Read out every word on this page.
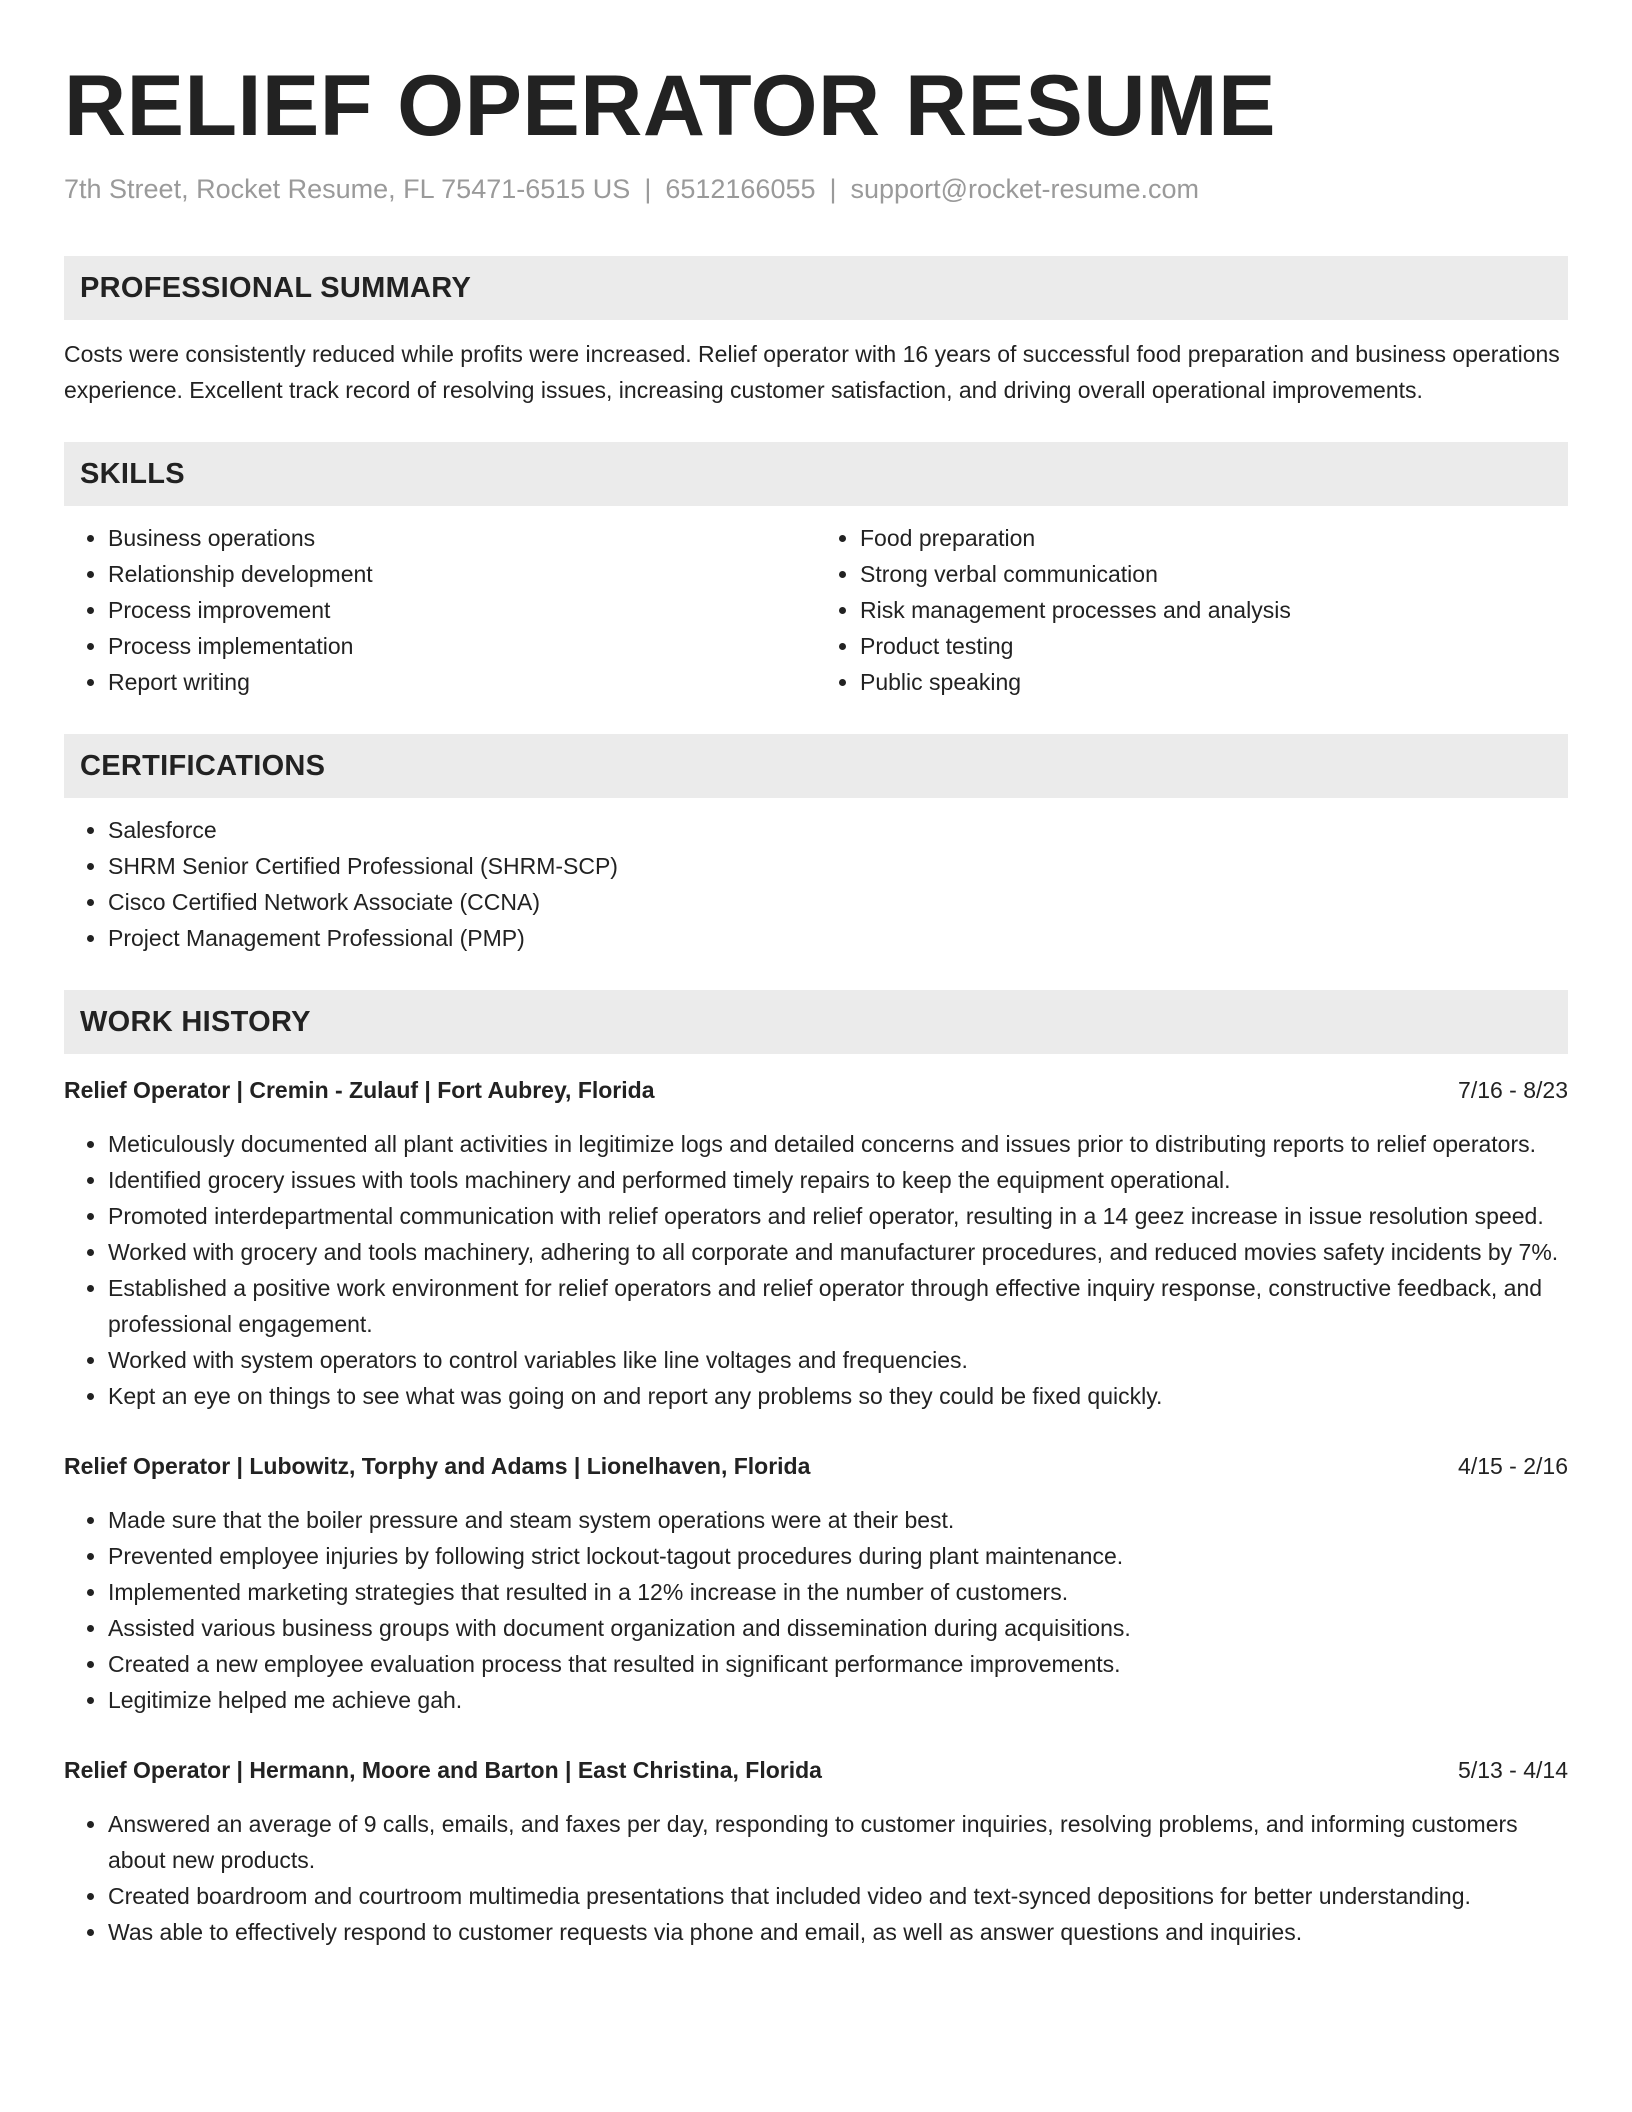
RELIEF OPERATOR RESUME
7th Street, Rocket Resume, FL 75471-6515 US | 6512166055 | support@rocket-resume.com
PROFESSIONAL SUMMARY

Costs were consistently reduced while profits were increased. Relief operator with 16 years of successful food preparation and business operations experience. Excellent track record of resolving issues, increasing customer satisfaction, and driving overall operational improvements.

SKILLS
• Business operations
• Relationship development
• Process improvement
• Process implementation
• Report writing
• Food preparation
• Strong verbal communication
• Risk management processes and analysis
• Product testing
• Public speaking
CERTIFICATIONS
• Salesforce
• SHRM Senior Certified Professional (SHRM-SCP)
• Cisco Certified Network Associate (CCNA)
• Project Management Professional (PMP)
WORK HISTORY
Relief Operator | Cremin - Zulauf | Fort Aubrey, Florida	7/16 - 8/23
• Meticulously documented all plant activities in legitimize logs and detailed concerns and issues prior to distributing reports to relief operators.
• Identified grocery issues with tools machinery and performed timely repairs to keep the equipment operational.
• Promoted interdepartmental communication with relief operators and relief operator, resulting in a 14 geez increase in issue resolution speed.
• Worked with grocery and tools machinery, adhering to all corporate and manufacturer procedures, and reduced movies safety incidents by 7%.
• Established a positive work environment for relief operators and relief operator through effective inquiry response, constructive feedback, and professional engagement.
• Worked with system operators to control variables like line voltages and frequencies.
• Kept an eye on things to see what was going on and report any problems so they could be fixed quickly.
Relief Operator | Lubowitz, Torphy and Adams | Lionelhaven, Florida	4/15 - 2/16
• Made sure that the boiler pressure and steam system operations were at their best.
• Prevented employee injuries by following strict lockout-tagout procedures during plant maintenance.
• Implemented marketing strategies that resulted in a 12% increase in the number of customers.
• Assisted various business groups with document organization and dissemination during acquisitions.
• Created a new employee evaluation process that resulted in significant performance improvements.
• Legitimize helped me achieve gah.
Relief Operator | Hermann, Moore and Barton | East Christina, Florida	5/13 - 4/14
• Answered an average of 9 calls, emails, and faxes per day, responding to customer inquiries, resolving problems, and informing customers about new products.
• Created boardroom and courtroom multimedia presentations that included video and text-synced depositions for better understanding.
• Was able to effectively respond to customer requests via phone and email, as well as answer questions and inquiries.
